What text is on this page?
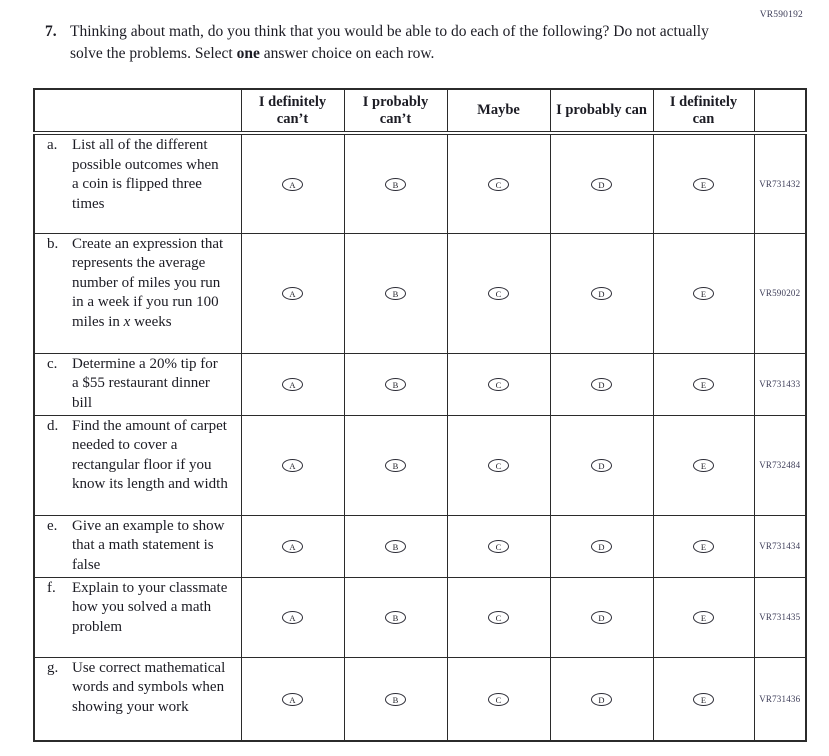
VR590192
7. Thinking about math, do you think that you would be able to do each of the following? Do not actually solve the problems. Select one answer choice on each row.
	I definitely can’t	I probably can’t	Maybe	I probably can	I definitely can	

a. List all of the different possible outcomes when a coin is flipped three times	A	B	C	D	E	VR731432

b. Create an expression that represents the average number of miles you run in a week if you run 100 miles in x weeks	A	B	C	D	E	VR590202

c. Determine a 20% tip for a $55 restaurant dinner bill	A	B	C	D	E	VR731433

d. Find the amount of carpet needed to cover a rectangular floor if you know its length and width	A	B	C	D	E	VR732484

e. Give an example to show that a math statement is false	A	B	C	D	E	VR731434

f. Explain to your classmate how you solved a math problem	A	B	C	D	E	VR731435

g. Use correct mathematical words and symbols when showing your work	A	B	C	D	E	VR731436
